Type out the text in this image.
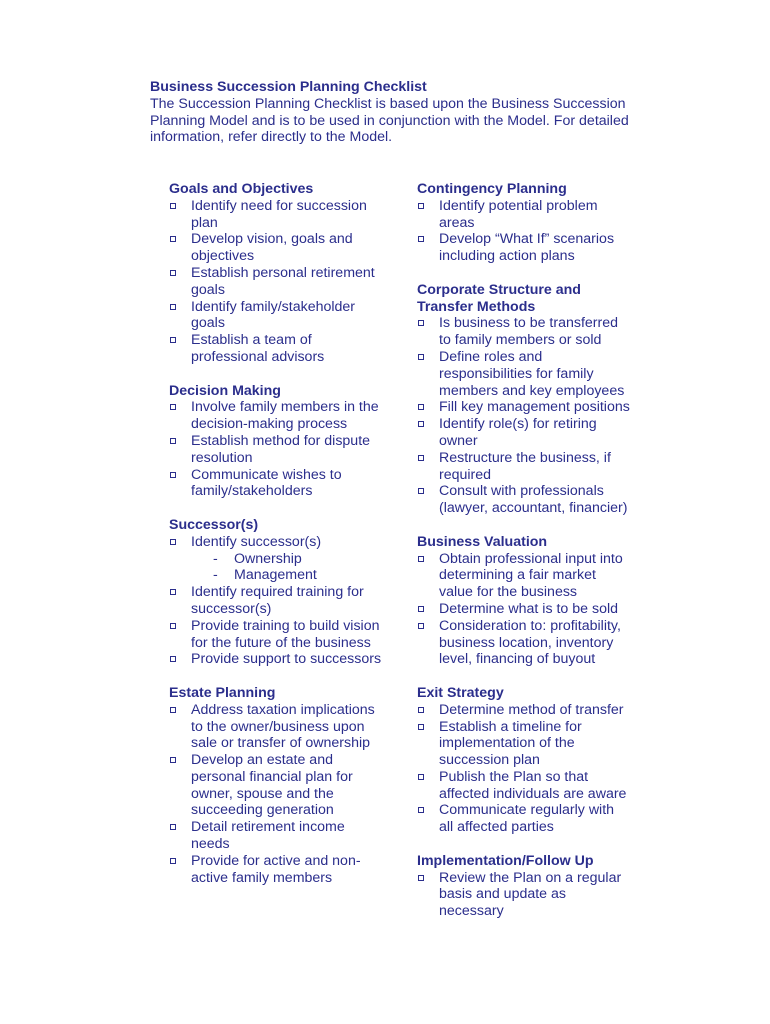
Business Succession Planning Checklist

The Succession Planning Checklist is based upon the Business Succession
Planning Model and is to be used in conjunction with the Model. For detailed
information, refer directly to the Model.

Goals and Objectives
Identify need for succession
plan
Develop vision, goals and
objectives
Establish personal retirement
goals
Identify family/stakeholder
goals
Establish a team of
professional advisors
Decision Making
Involve family members in the
decision-making process
Establish method for dispute
resolution
Communicate wishes to
family/stakeholders
Successor(s)
Identify successor(s)
- Ownership
- Management
Identify required training for
successor(s)
Provide training to build vision
for the future of the business
Provide support to successors
Estate Planning
Address taxation implications
to the owner/business upon
sale or transfer of ownership
Develop an estate and
personal financial plan for
owner, spouse and the
succeeding generation
Detail retirement income
needs
Provide for active and non-
active family members
Contingency Planning
Identify potential problem
areas
Develop “What If” scenarios
including action plans
Corporate Structure and
Transfer Methods
Is business to be transferred
to family members or sold
Define roles and
responsibilities for family
members and key employees
Fill key management positions
Identify role(s) for retiring
owner
Restructure the business, if
required
Consult with professionals
(lawyer, accountant, financier)
Business Valuation
Obtain professional input into
determining a fair market
value for the business
Determine what is to be sold
Consideration to: profitability,
business location, inventory
level, financing of buyout
Exit Strategy
Determine method of transfer
Establish a timeline for
implementation of the
succession plan
Publish the Plan so that
affected individuals are aware
Communicate regularly with
all affected parties
Implementation/Follow Up
Review the Plan on a regular
basis and update as
necessary
